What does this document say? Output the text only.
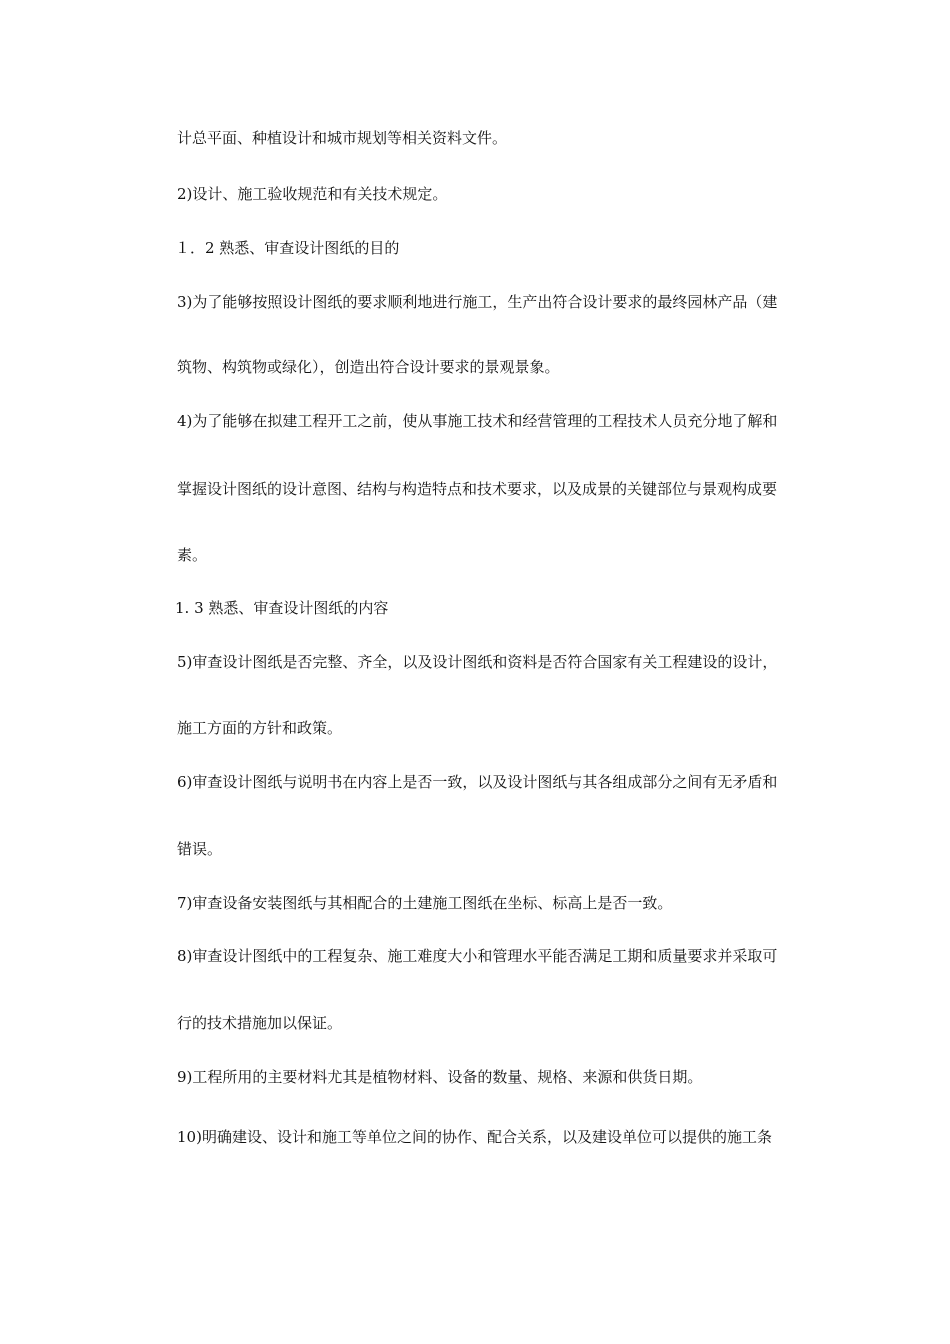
计总平面、种植设计和城市规划等相关资料文件。
2)设计、施工验收规范和有关技术规定。
１．2 熟悉、审查设计图纸的目的
3)为了能够按照设计图纸的要求顺利地进行施工，生产出符合设计要求的最终园林产品（建
筑物、构筑物或绿化），创造出符合设计要求的景观景象。
4)为了能够在拟建工程开工之前，使从事施工技术和经营管理的工程技术人员充分地了解和
掌握设计图纸的设计意图、结构与构造特点和技术要求，以及成景的关键部位与景观构成要
素。
1. 3 熟悉、审查设计图纸的内容
5)审查设计图纸是否完整、齐全，以及设计图纸和资料是否符合国家有关工程建设的设计，
施工方面的方针和政策。
6)审查设计图纸与说明书在内容上是否一致，以及设计图纸与其各组成部分之间有无矛盾和
错误。
7)审查设备安装图纸与其相配合的土建施工图纸在坐标、标高上是否一致。
8)审查设计图纸中的工程复杂、施工难度大小和管理水平能否满足工期和质量要求并采取可
行的技术措施加以保证。
9)工程所用的主要材料尤其是植物材料、设备的数量、规格、来源和供货日期。
10)明确建设、设计和施工等单位之间的协作、配合关系，以及建设单位可以提供的施工条
